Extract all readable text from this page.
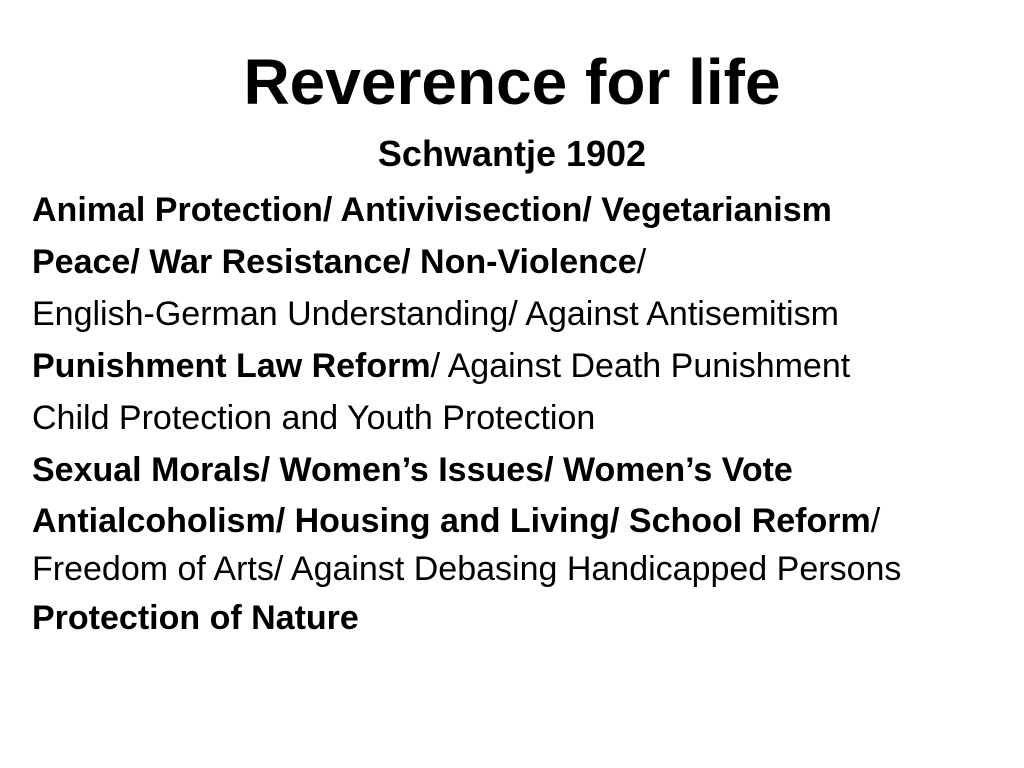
Reverence for life
Schwantje 1902
Animal Protection/ Antivivisection/ Vegetarianism
Peace/ War Resistance/ Non-Violence/
English-German Understanding/ Against Antisemitism
Punishment Law Reform/ Against Death Punishment
Child Protection and Youth Protection
Sexual Morals/ Women’s Issues/ Women’s Vote
Antialcoholism/ Housing and Living/ School Reform/
Freedom of Arts/ Against Debasing Handicapped Persons
Protection of Nature
